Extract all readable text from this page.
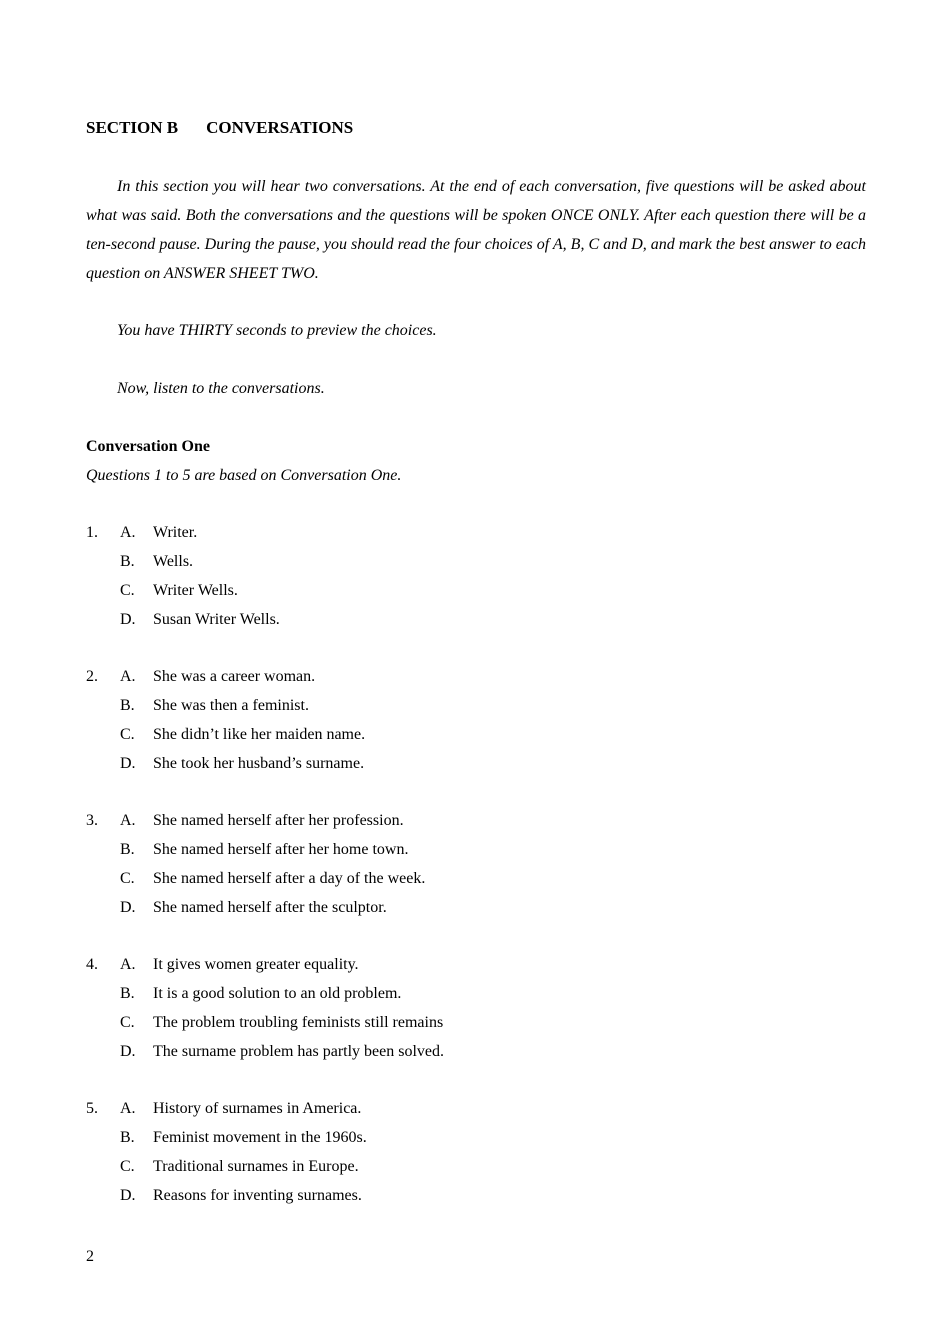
SECTION B CONVERSATIONS

In this section you will hear two conversations. At the end of each conversation, five questions will be asked about what was said. Both the conversations and the questions will be spoken ONCE ONLY. After each question there will be a ten-second pause. During the pause, you should read the four choices of A, B, C and D, and mark the best answer to each question on ANSWER SHEET TWO.

You have THIRTY seconds to preview the choices.

Now, listen to the conversations.

Conversation One
Questions 1 to 5 are based on Conversation One.
1. A. Writer.
B. Wells.
C. Writer Wells.
D. Susan Writer Wells.
2. A. She was a career woman.
B. She was then a feminist.
C. She didn’t like her maiden name.
D. She took her husband’s surname.
3. A. She named herself after her profession.
B. She named herself after her home town.
C. She named herself after a day of the week.
D. She named herself after the sculptor.
4. A. It gives women greater equality.
B. It is a good solution to an old problem.
C. The problem troubling feminists still remains
D. The surname problem has partly been solved.
5. A. History of surnames in America.
B. Feminist movement in the 1960s.
C. Traditional surnames in Europe.
D. Reasons for inventing surnames.
2
